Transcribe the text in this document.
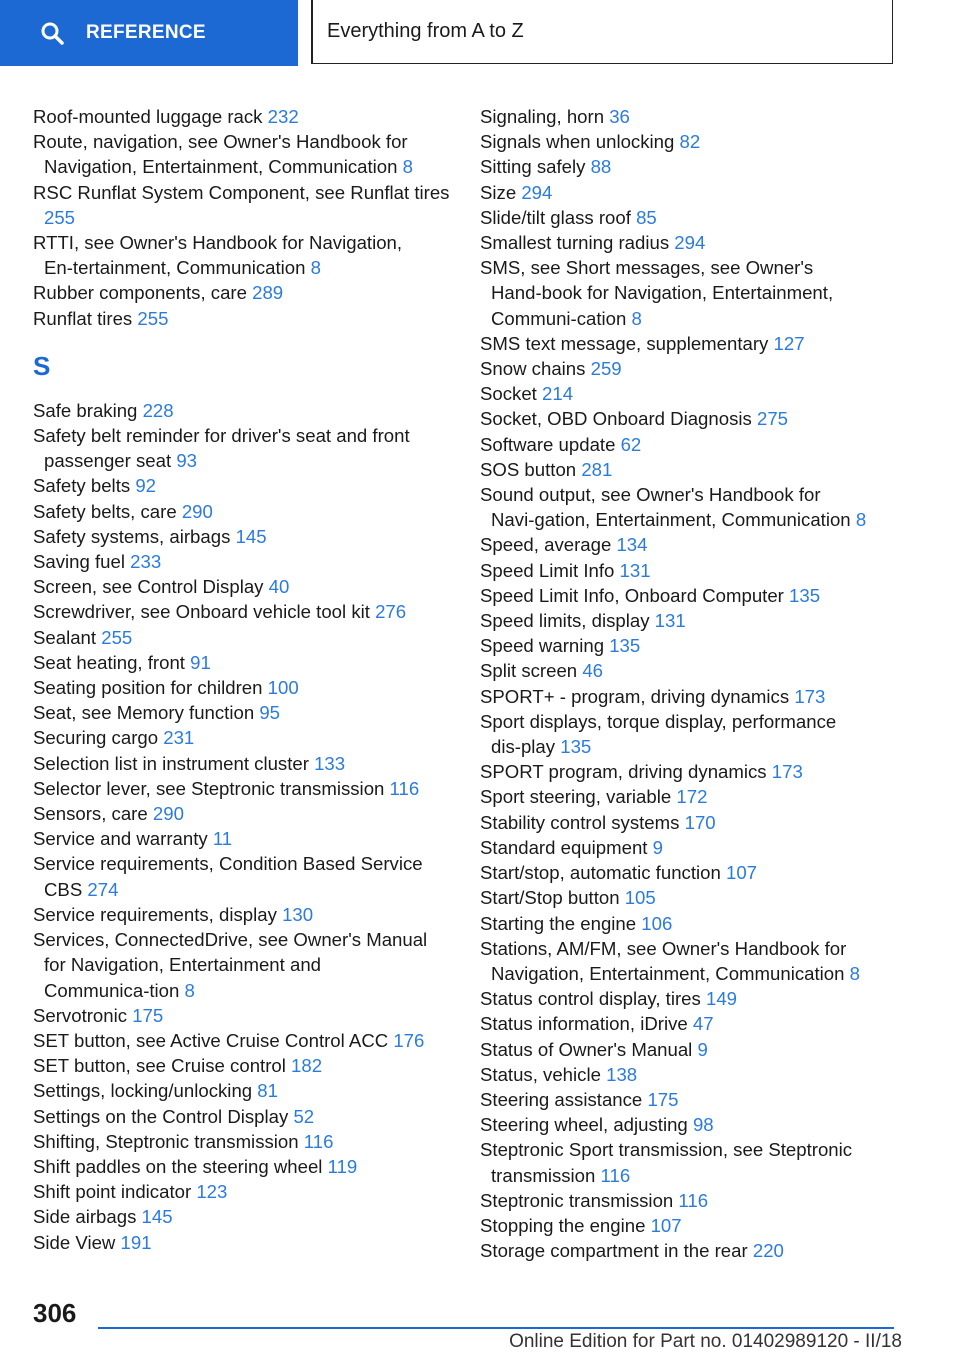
REFERENCE	Everything from A to Z
Roof-mounted luggage rack 232
Route, navigation, see Owner's Handbook for Navigation, Entertainment, Communication 8
RSC Runflat System Component, see Runflat tires 255
RTTI, see Owner's Handbook for Navigation, En‑tertainment, Communication 8
Rubber components, care 289
Runflat tires 255
S
Safe braking 228
Safety belt reminder for driver's seat and front passenger seat 93
Safety belts 92
Safety belts, care 290
Safety systems, airbags 145
Saving fuel 233
Screen, see Control Display 40
Screwdriver, see Onboard vehicle tool kit 276
Sealant 255
Seat heating, front 91
Seating position for children 100
Seat, see Memory function 95
Securing cargo 231
Selection list in instrument cluster 133
Selector lever, see Steptronic transmission 116
Sensors, care 290
Service and warranty 11
Service requirements, Condition Based Service CBS 274
Service requirements, display 130
Services, ConnectedDrive, see Owner's Manual for Navigation, Entertainment and Communica‑tion 8
Servotronic 175
SET button, see Active Cruise Control ACC 176
SET button, see Cruise control 182
Settings, locking/unlocking 81
Settings on the Control Display 52
Shifting, Steptronic transmission 116
Shift paddles on the steering wheel 119
Shift point indicator 123
Side airbags 145
Side View 191
Signaling, horn 36
Signals when unlocking 82
Sitting safely 88
Size 294
Slide/tilt glass roof 85
Smallest turning radius 294
SMS, see Short messages, see Owner's Hand‑book for Navigation, Entertainment, Communi‑cation 8
SMS text message, supplementary 127
Snow chains 259
Socket 214
Socket, OBD Onboard Diagnosis 275
Software update 62
SOS button 281
Sound output, see Owner's Handbook for Navi‑gation, Entertainment, Communication 8
Speed, average 134
Speed Limit Info 131
Speed Limit Info, Onboard Computer 135
Speed limits, display 131
Speed warning 135
Split screen 46
SPORT+ - program, driving dynamics 173
Sport displays, torque display, performance dis‑play 135
SPORT program, driving dynamics 173
Sport steering, variable 172
Stability control systems 170
Standard equipment 9
Start/stop, automatic function 107
Start/Stop button 105
Starting the engine 106
Stations, AM/FM, see Owner's Handbook for Navigation, Entertainment, Communication 8
Status control display, tires 149
Status information, iDrive 47
Status of Owner's Manual 9
Status, vehicle 138
Steering assistance 175
Steering wheel, adjusting 98
Steptronic Sport transmission, see Steptronic transmission 116
Steptronic transmission 116
Stopping the engine 107
Storage compartment in the rear 220
306
Online Edition for Part no. 01402989120 - II/18
